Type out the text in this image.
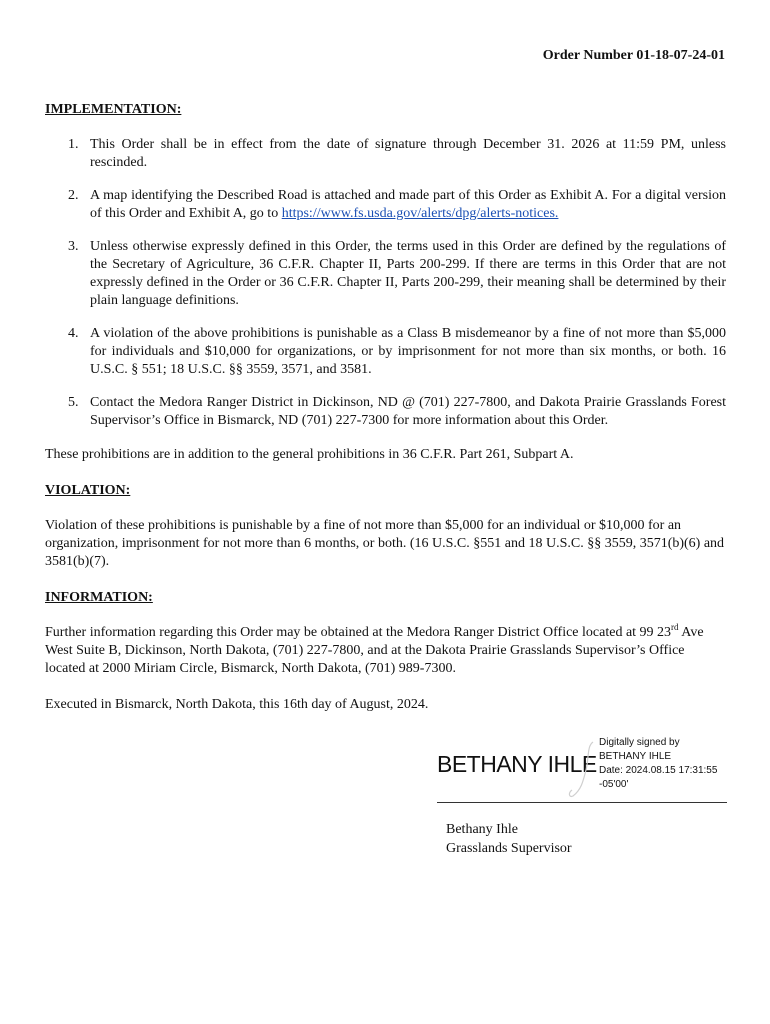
Order Number 01-18-07-24-01
IMPLEMENTATION:
1. This Order shall be in effect from the date of signature through December 31. 2026 at 11:59 PM, unless rescinded.
2. A map identifying the Described Road is attached and made part of this Order as Exhibit A. For a digital version of this Order and Exhibit A, go to https://www.fs.usda.gov/alerts/dpg/alerts-notices.
3. Unless otherwise expressly defined in this Order, the terms used in this Order are defined by the regulations of the Secretary of Agriculture, 36 C.F.R. Chapter II, Parts 200-299. If there are terms in this Order that are not expressly defined in the Order or 36 C.F.R. Chapter II, Parts 200-299, their meaning shall be determined by their plain language definitions.
4. A violation of the above prohibitions is punishable as a Class B misdemeanor by a fine of not more than $5,000 for individuals and $10,000 for organizations, or by imprisonment for not more than six months, or both. 16 U.S.C. § 551; 18 U.S.C. §§ 3559, 3571, and 3581.
5. Contact the Medora Ranger District in Dickinson, ND @ (701) 227-7800, and Dakota Prairie Grasslands Forest Supervisor’s Office in Bismarck, ND (701) 227-7300 for more information about this Order.

These prohibitions are in addition to the general prohibitions in 36 C.F.R. Part 261, Subpart A.

VIOLATION:

Violation of these prohibitions is punishable by a fine of not more than $5,000 for an individual or $10,000 for an organization, imprisonment for not more than 6 months, or both. (16 U.S.C. §551 and 18 U.S.C. §§ 3559, 3571(b)(6) and 3581(b)(7).

INFORMATION:

Further information regarding this Order may be obtained at the Medora Ranger District Office located at 99 23rd Ave West Suite B, Dickinson, North Dakota, (701) 227-7800, and at the Dakota Prairie Grasslands Supervisor’s Office located at 2000 Miriam Circle, Bismarck, North Dakota, (701) 989-7300.

Executed in Bismarck, North Dakota, this 16th day of August, 2024.

BETHANY IHLE
Digitally signed by BETHANY IHLE
Date: 2024.08.15 17:31:55 -05'00'
Bethany Ihle
Grasslands Supervisor
